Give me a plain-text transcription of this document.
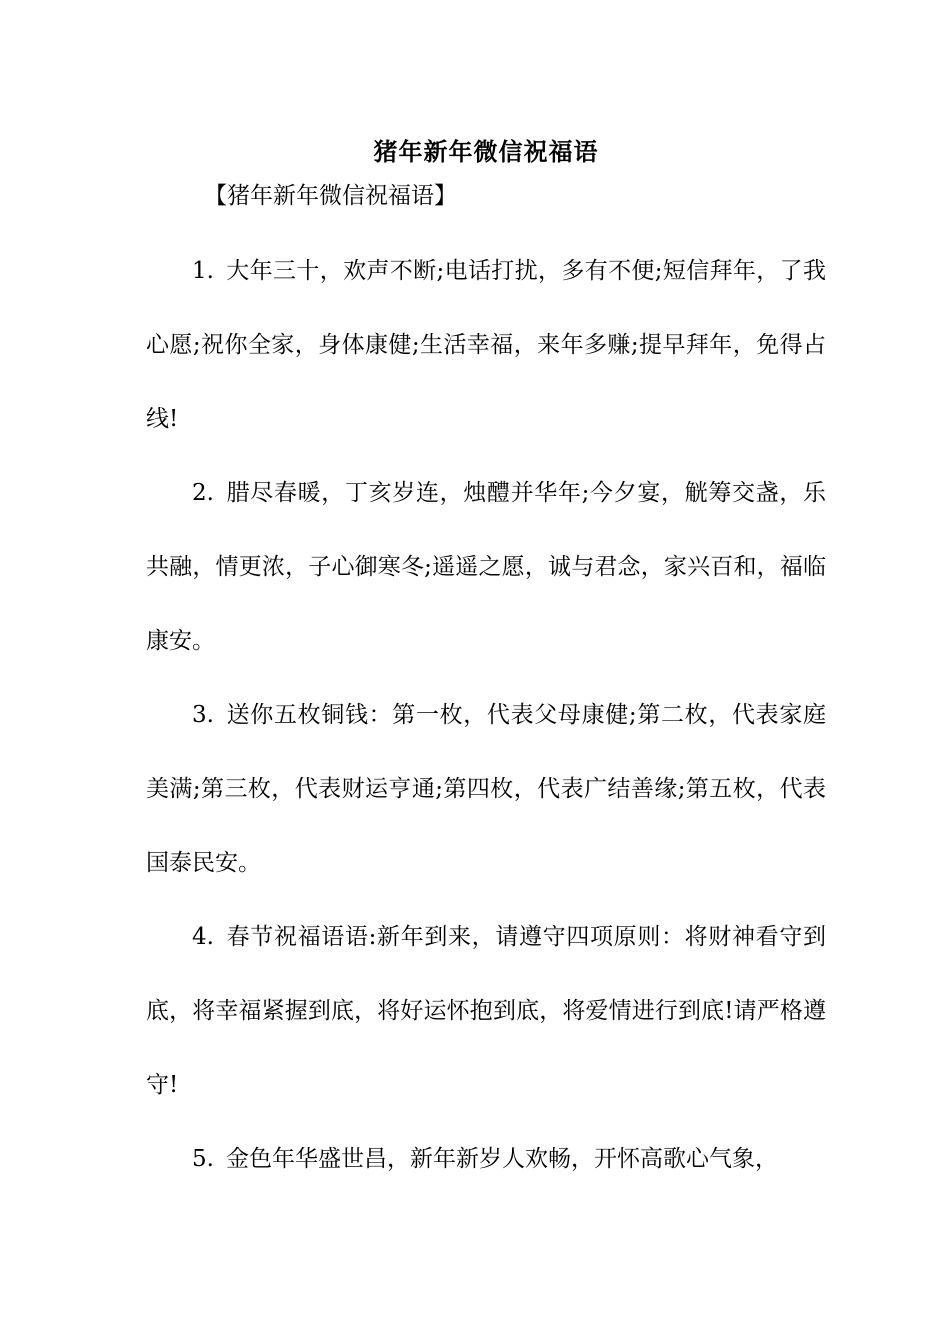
猪年新年微信祝福语

【猪年新年微信祝福语】

1. 大年三十，欢声不断;电话打扰，多有不便;短信拜年，了我心愿;祝你全家，身体康健;生活幸福，来年多赚;提早拜年，免得占线!

2. 腊尽春暖，丁亥岁连，烛醴并华年;今夕宴，觥筹交盏，乐共融，情更浓，子心御寒冬;遥遥之愿，诚与君念，家兴百和，福临康安。

3. 送你五枚铜钱：第一枚，代表父母康健;第二枚，代表家庭美满;第三枚，代表财运亨通;第四枚，代表广结善缘;第五枚，代表国泰民安。

4. 春节祝福语语:新年到来，请遵守四项原则：将财神看守到底，将幸福紧握到底，将好运怀抱到底，将爱情进行到底!请严格遵守!

5. 金色年华盛世昌，新年新岁人欢畅，开怀高歌心气象，
